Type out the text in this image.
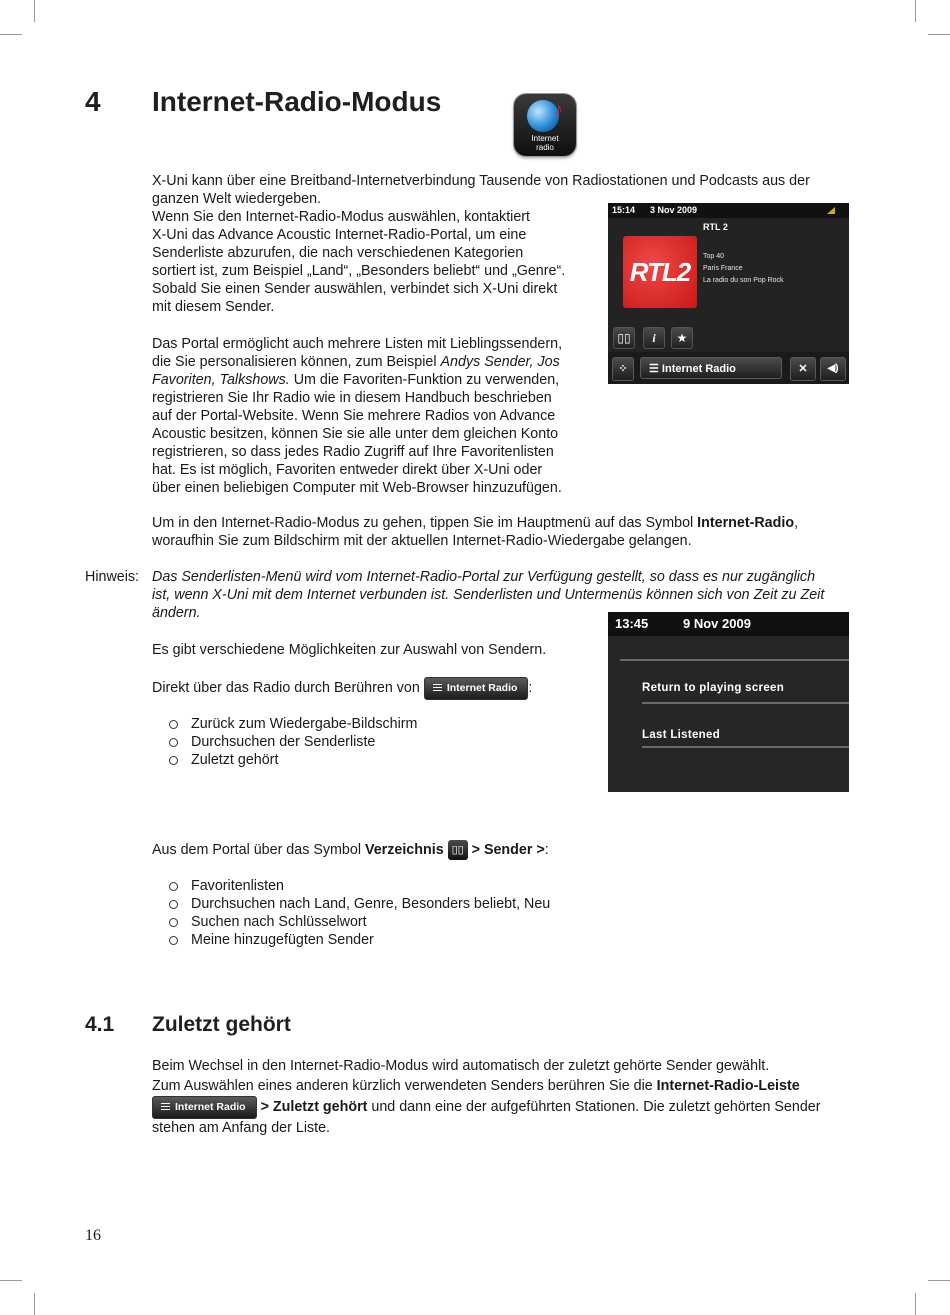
4 Internet-Radio-Modus	♪
Internet
radio
X-Uni kann über eine Breitband-Internetverbindung Tausende von Radiostationen und Podcasts aus der
ganzen Welt wiedergeben.
Wenn Sie den Internet-Radio-Modus auswählen, kontaktiert
X-Uni das Advance Acoustic Internet-Radio-Portal, um eine
Senderliste abzurufen, die nach verschiedenen Kategorien
sortiert ist, zum Beispiel „Land“, „Besonders beliebt“ und „Genre“.
Sobald Sie einen Sender auswählen, verbindet sich X-Uni direkt
mit diesem Sender.
Das Portal ermöglicht auch mehrere Listen mit Lieblingssendern,
die Sie personalisieren können, zum Beispiel Andys Sender, Jos
Favoriten, Talkshows. Um die Favoriten-Funktion zu verwenden,
registrieren Sie Ihr Radio wie in diesem Handbuch beschrieben
auf der Portal-Website. Wenn Sie mehrere Radios von Advance
Acoustic besitzen, können Sie sie alle unter dem gleichen Konto
registrieren, so dass jedes Radio Zugriff auf Ihre Favoritenlisten
hat. Es ist möglich, Favoriten entweder direkt über X-Uni oder
über einen beliebigen Computer mit Web-Browser hinzuzufügen.
15:14 3 Nov 2009
RTL2
RTL 2
Top 40
Paris France
La radio du son Pop Rock
▯▯	i	★
⁘	☰ Internet Radio	✕	◀)
Um in den Internet-Radio-Modus zu gehen, tippen Sie im Hauptmenü auf das Symbol Internet-Radio,
woraufhin Sie zum Bildschirm mit der aktuellen Internet-Radio-Wiedergabe gelangen.
Hinweis: Das Senderlisten-Menü wird vom Internet-Radio-Portal zur Verfügung gestellt, so dass es nur zugänglich
ist, wenn X-Uni mit dem Internet verbunden ist. Senderlisten und Untermenüs können sich von Zeit zu Zeit
ändern.
13:45	9 Nov 2009
Return to playing screen
Last Listened
Es gibt verschiedene Möglichkeiten zur Auswahl von Sendern.
Direkt über das Radio durch Berühren von	Internet Radio :
Zurück zum Wiedergabe-Bildschirm
Durchsuchen der Senderliste
Zuletzt gehört
Aus dem Portal über das Symbol Verzeichnis ▯▯ > Sender >:
Favoritenlisten
Durchsuchen nach Land, Genre, Besonders beliebt, Neu
Suchen nach Schlüsselwort
Meine hinzugefügten Sender
4.1 Zuletzt gehört
Beim Wechsel in den Internet-Radio-Modus wird automatisch der zuletzt gehörte Sender gewählt.
Zum Auswählen eines anderen kürzlich verwendeten Senders berühren Sie die Internet-Radio-Leiste
Internet Radio > Zuletzt gehört und dann eine der aufgeführten Stationen. Die zuletzt gehörten Sender
stehen am Anfang der Liste.
16
